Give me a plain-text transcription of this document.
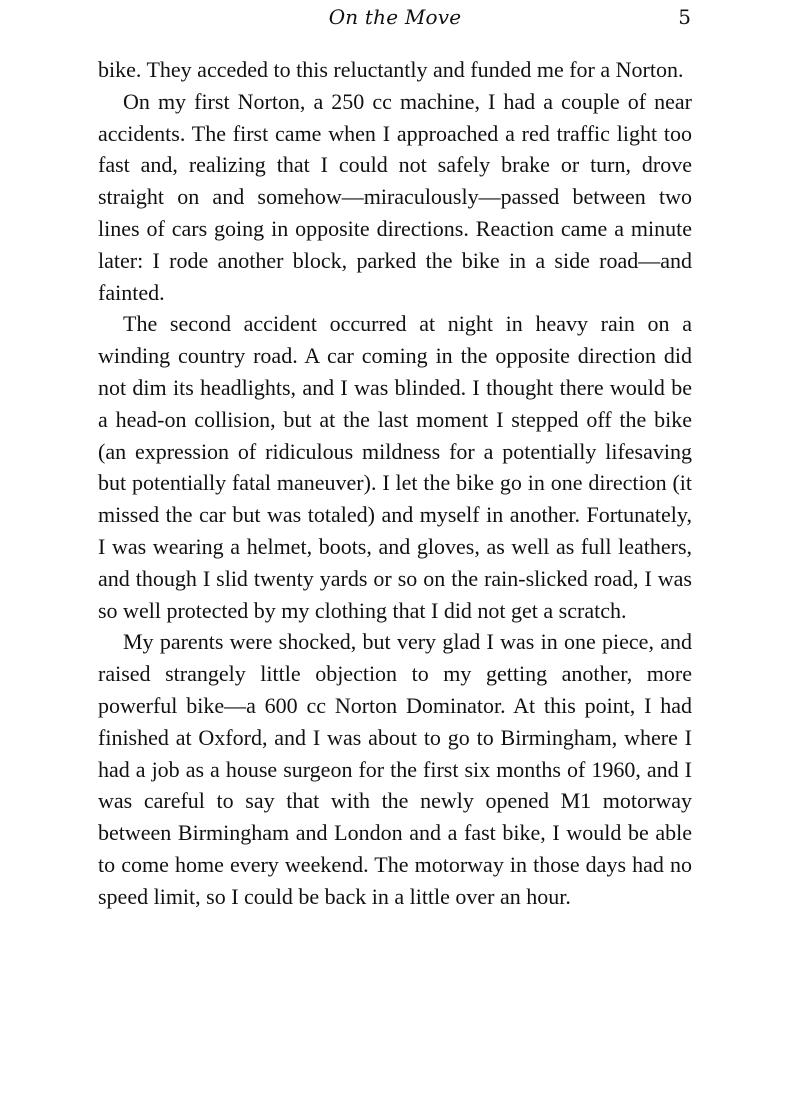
On the Move	5

bike. They acceded to this reluctantly and funded me for a Norton.

On my first Norton, a 250 cc machine, I had a couple of near accidents. The first came when I approached a red traffic light too fast and, realizing that I could not safely brake or turn, drove straight on and somehow—miraculously—passed between two lines of cars going in opposite directions. Reaction came a minute later: I rode another block, parked the bike in a side road—and fainted.

The second accident occurred at night in heavy rain on a winding country road. A car coming in the opposite direction did not dim its headlights, and I was blinded. I thought there would be a head-on collision, but at the last moment I stepped off the bike (an expression of ridiculous mildness for a potentially lifesaving but potentially fatal maneuver). I let the bike go in one direction (it missed the car but was totaled) and myself in another. Fortunately, I was wearing a helmet, boots, and gloves, as well as full leathers, and though I slid twenty yards or so on the rain-slicked road, I was so well protected by my clothing that I did not get a scratch.

My parents were shocked, but very glad I was in one piece, and raised strangely little objection to my getting another, more powerful bike—a 600 cc Norton Dominator. At this point, I had finished at Oxford, and I was about to go to Birmingham, where I had a job as a house surgeon for the first six months of 1960, and I was careful to say that with the newly opened M1 motorway between Birmingham and London and a fast bike, I would be able to come home every weekend. The motorway in those days had no speed limit, so I could be back in a little over an hour.
